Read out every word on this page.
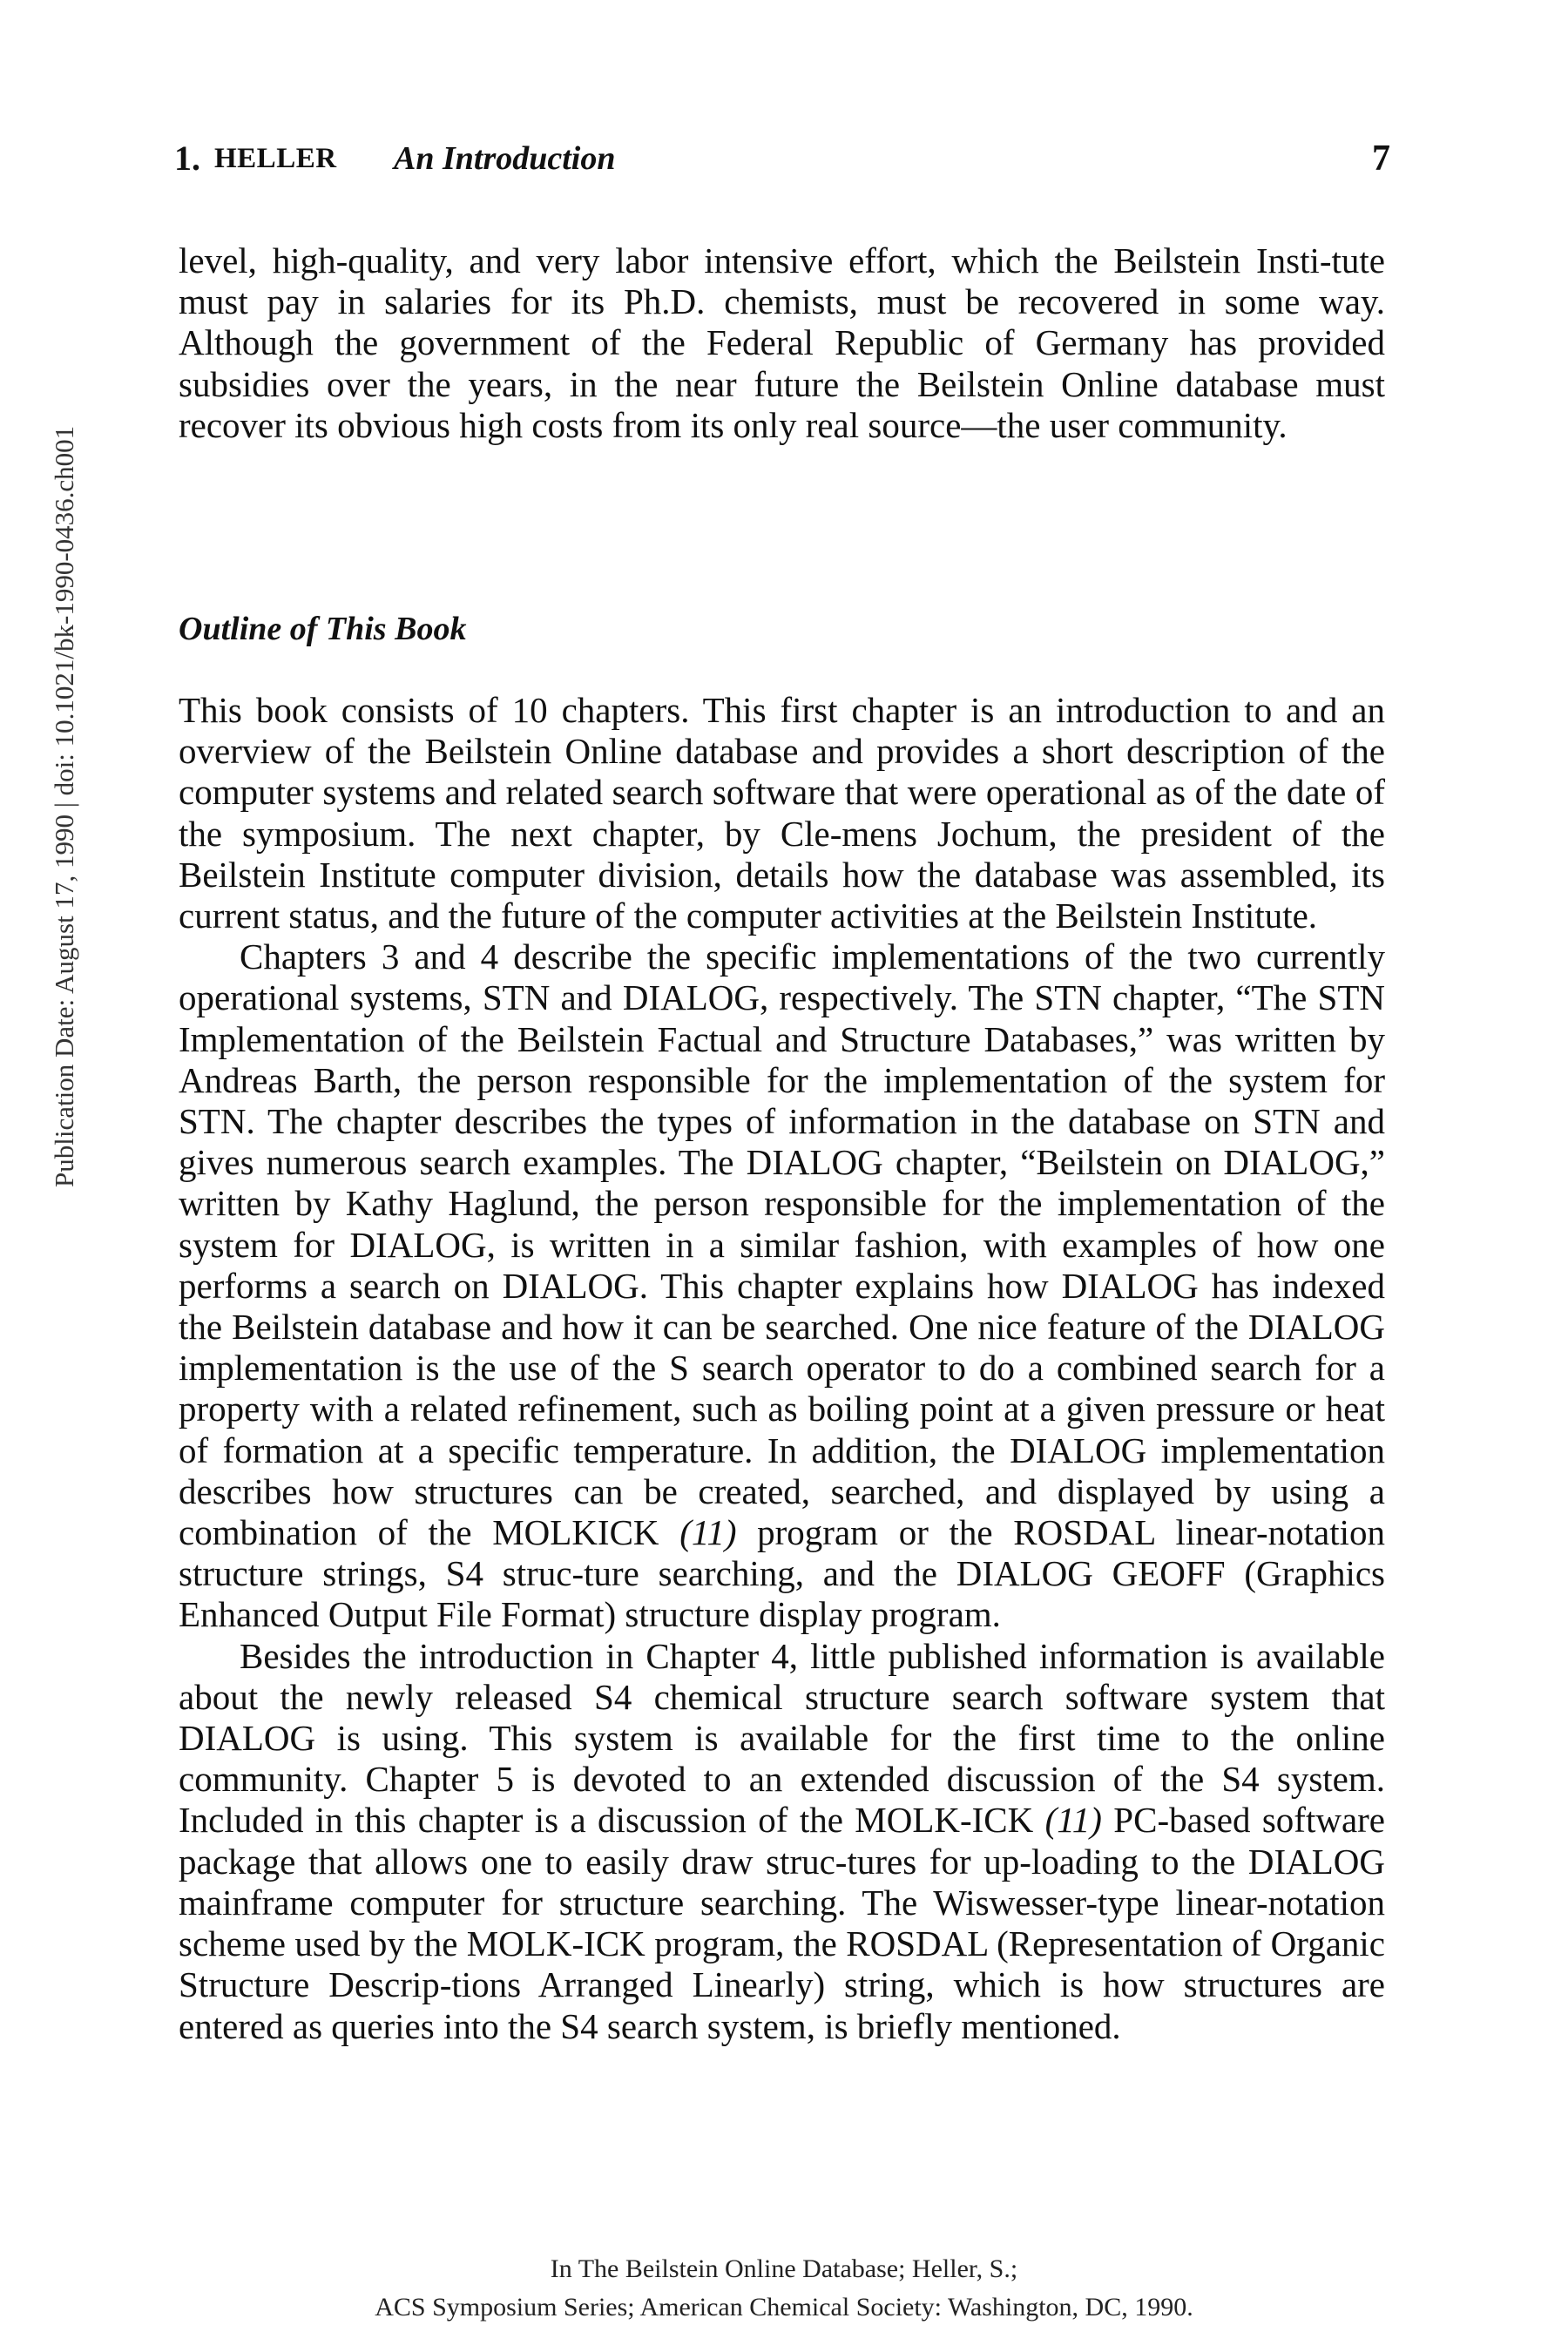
1. HELLER An Introduction	7

level, high-quality, and very labor intensive effort, which the Beilstein Insti-tute must pay in salaries for its Ph.D. chemists, must be recovered in some way. Although the government of the Federal Republic of Germany has provided subsidies over the years, in the near future the Beilstein Online database must recover its obvious high costs from its only real source—the user community.

Outline of This Book

This book consists of 10 chapters. This first chapter is an introduction to and an overview of the Beilstein Online database and provides a short description of the computer systems and related search software that were operational as of the date of the symposium. The next chapter, by Cle-mens Jochum, the president of the Beilstein Institute computer division, details how the database was assembled, its current status, and the future of the computer activities at the Beilstein Institute.

Chapters 3 and 4 describe the specific implementations of the two currently operational systems, STN and DIALOG, respectively. The STN chapter, “The STN Implementation of the Beilstein Factual and Structure Databases,” was written by Andreas Barth, the person responsible for the implementation of the system for STN. The chapter describes the types of information in the database on STN and gives numerous search examples. The DIALOG chapter, “Beilstein on DIALOG,” written by Kathy Haglund, the person responsible for the implementation of the system for DIALOG, is written in a similar fashion, with examples of how one performs a search on DIALOG. This chapter explains how DIALOG has indexed the Beilstein database and how it can be searched. One nice feature of the DIALOG implementation is the use of the S search operator to do a combined search for a property with a related refinement, such as boiling point at a given pressure or heat of formation at a specific temperature. In addition, the DIALOG implementation describes how structures can be created, searched, and displayed by using a combination of the MOLKICK (11) program or the ROSDAL linear-notation structure strings, S4 struc-ture searching, and the DIALOG GEOFF (Graphics Enhanced Output File Format) structure display program.

Besides the introduction in Chapter 4, little published information is available about the newly released S4 chemical structure search software system that DIALOG is using. This system is available for the first time to the online community. Chapter 5 is devoted to an extended discussion of the S4 system. Included in this chapter is a discussion of the MOLK-ICK (11) PC-based software package that allows one to easily draw struc-tures for up-loading to the DIALOG mainframe computer for structure searching. The Wiswesser-type linear-notation scheme used by the MOLK-ICK program, the ROSDAL (Representation of Organic Structure Descrip-tions Arranged Linearly) string, which is how structures are entered as queries into the S4 search system, is briefly mentioned.

Publication Date: August 17, 1990 | doi: 10.1021/bk-1990-0436.ch001
In The Beilstein Online Database; Heller, S.;
ACS Symposium Series; American Chemical Society: Washington, DC, 1990.
